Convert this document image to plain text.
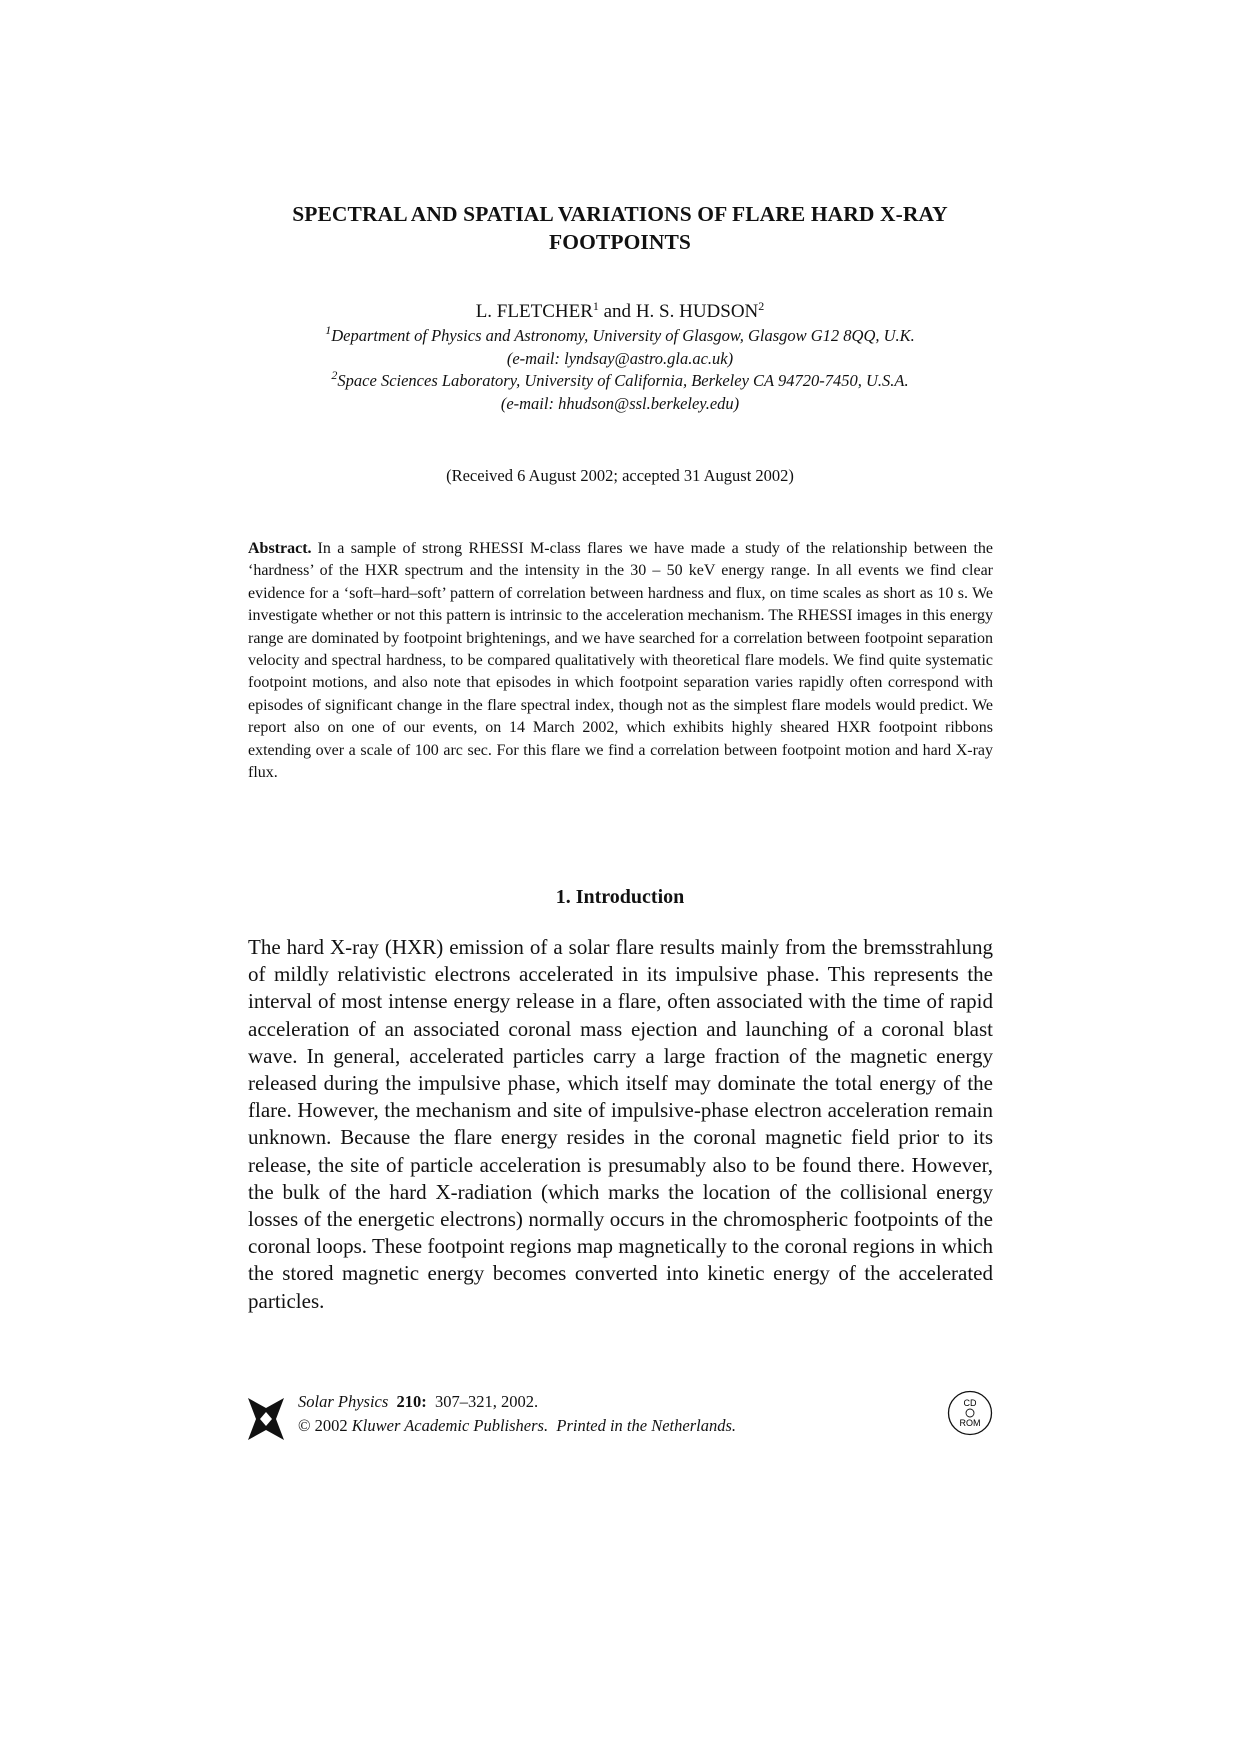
SPECTRAL AND SPATIAL VARIATIONS OF FLARE HARD X-RAY
FOOTPOINTS
L. FLETCHER$^1$ and H. S. HUDSON$^2$
$^1$Department of Physics and Astronomy, University of Glasgow, Glasgow G12 8QQ, U.K.
(e-mail: lyndsay@astro.gla.ac.uk)
$^2$Space Sciences Laboratory, University of California, Berkeley CA 94720-7450, U.S.A.
(e-mail: hhudson@ssl.berkeley.edu)
(Received 6 August 2002; accepted 31 August 2002)
Abstract. In a sample of strong RHESSI M-class flares we have made a study of the relationship between the ‘hardness’ of the HXR spectrum and the intensity in the 30 – 50 keV energy range. In all events we find clear evidence for a ‘soft–hard–soft’ pattern of correlation between hardness and flux, on time scales as short as 10 s. We investigate whether or not this pattern is intrinsic to the acceleration mechanism. The RHESSI images in this energy range are dominated by footpoint brightenings, and we have searched for a correlation between footpoint separation velocity and spectral hardness, to be compared qualitatively with theoretical flare models. We find quite systematic footpoint motions, and also note that episodes in which footpoint separation varies rapidly often correspond with episodes of significant change in the flare spectral index, though not as the simplest flare models would predict. We report also on one of our events, on 14 March 2002, which exhibits highly sheared HXR footpoint ribbons extending over a scale of 100 arc sec. For this flare we find a correlation between footpoint motion and hard X-ray flux.
1. Introduction

The hard X-ray (HXR) emission of a solar flare results mainly from the bremsstrahlung of mildly relativistic electrons accelerated in its impulsive phase. This represents the interval of most intense energy release in a flare, often associated with the time of rapid acceleration of an associated coronal mass ejection and launching of a coronal blast wave. In general, accelerated particles carry a large fraction of the magnetic energy released during the impulsive phase, which itself may dominate the total energy of the flare. However, the mechanism and site of impulsive-phase electron acceleration remain unknown. Because the flare energy resides in the coronal magnetic field prior to its release, the site of particle acceleration is presumably also to be found there. However, the bulk of the hard X-radiation (which marks the location of the collisional energy losses of the energetic electrons) normally occurs in the chromospheric footpoints of the coronal loops. These footpoint regions map magnetically to the coronal regions in which the stored magnetic energy becomes converted into kinetic energy of the accelerated particles.

Solar Physics 210: 307–321, 2002.
© 2002 Kluwer Academic Publishers. Printed in the Netherlands.
CD
ROM
